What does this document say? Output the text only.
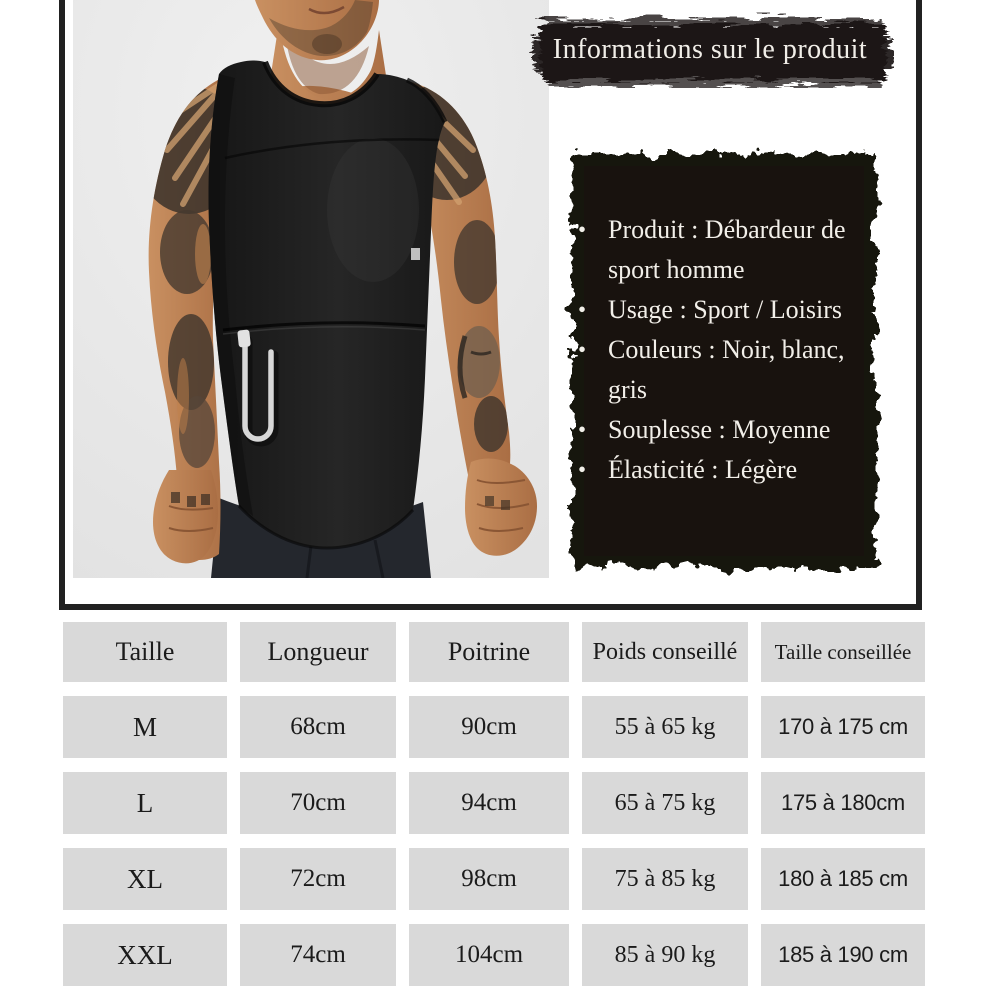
Informations sur le produit
• Produit : Débardeur de sport homme
• Usage : Sport / Loisirs
• Couleurs : Noir, blanc, gris
• Souplesse : Moyenne
• Élasticité : Légère
Taille	Longueur	Poitrine	Poids conseillé	Taille conseillée
M	68cm	90cm	55 à 65 kg	170 à 175 cm
L	70cm	94cm	65 à 75 kg	175 à 180cm
XL	72cm	98cm	75 à 85 kg	180 à 185 cm
XXL	74cm	104cm	85 à 90 kg	185 à 190 cm
